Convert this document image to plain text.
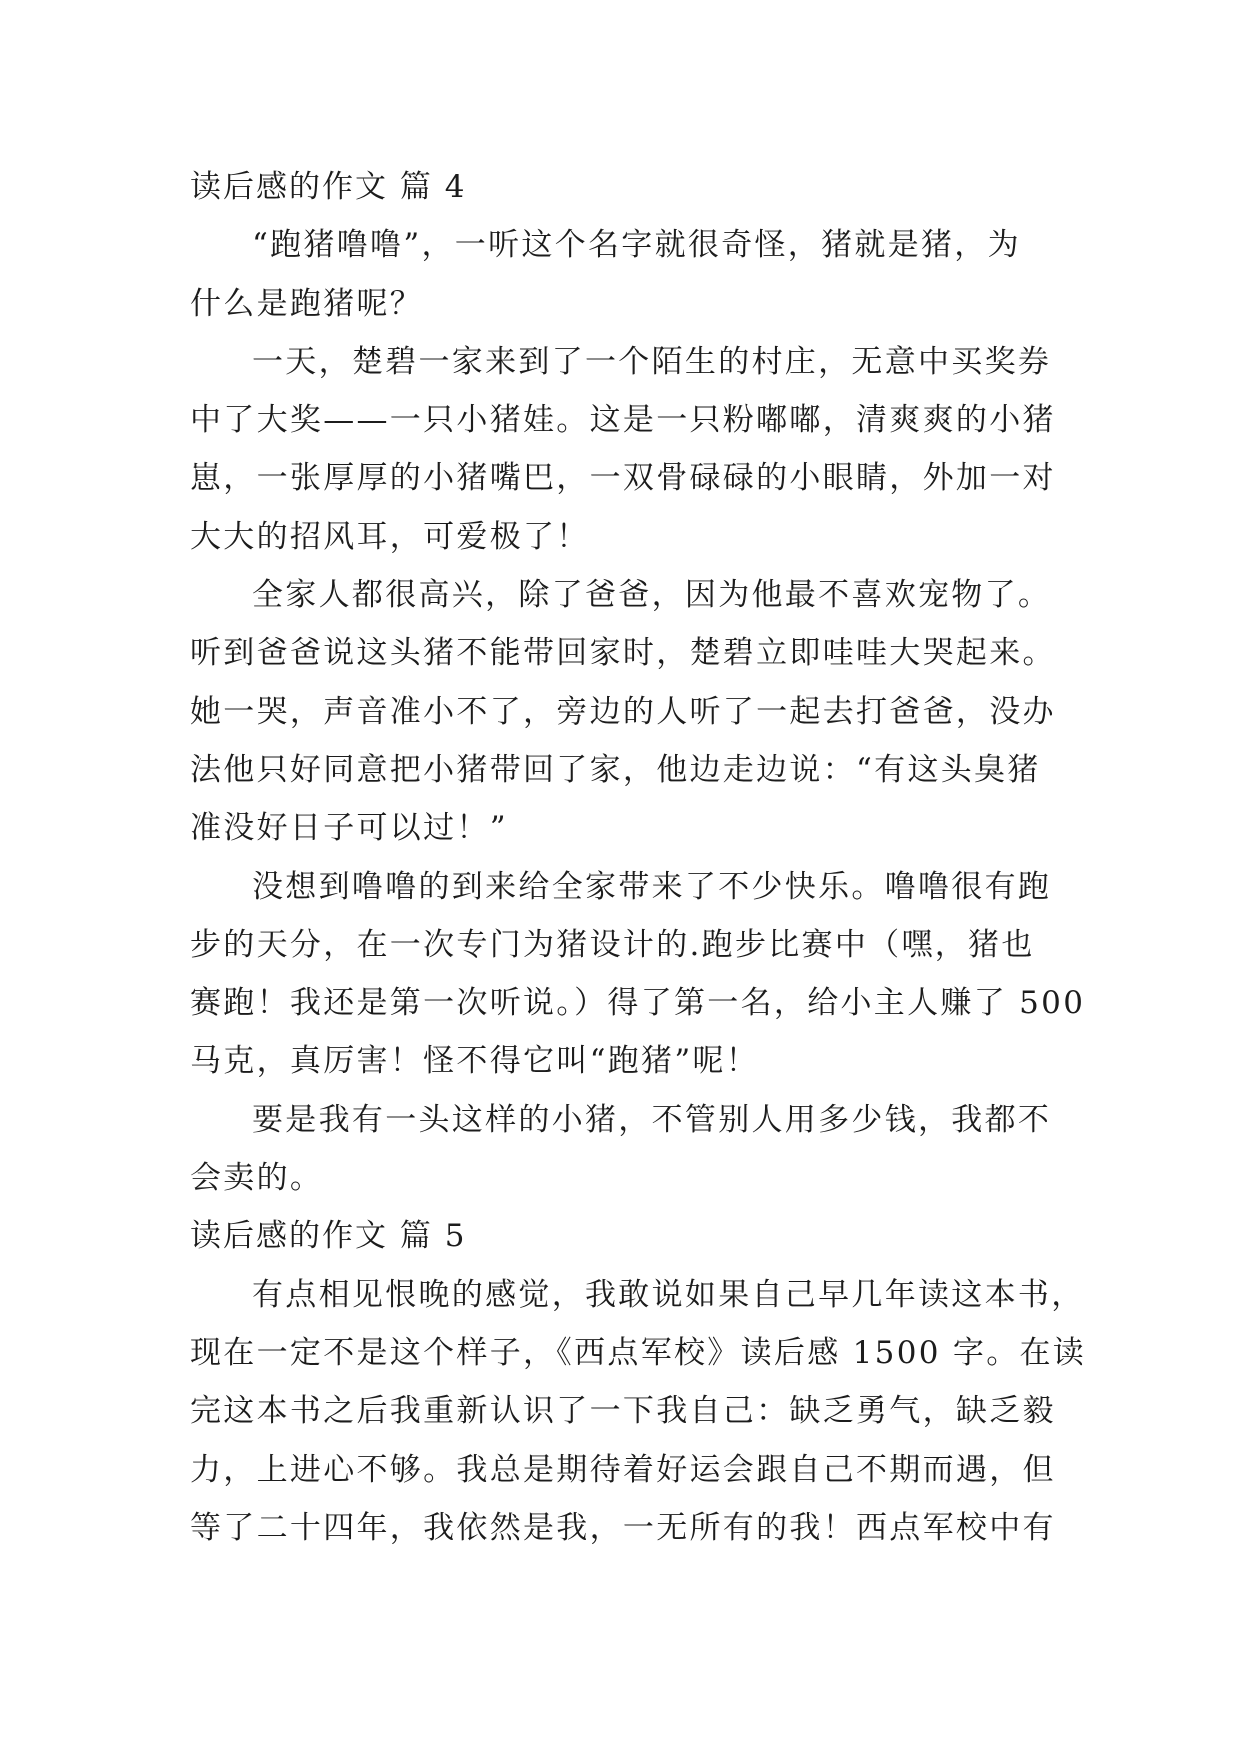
读后感的作文 篇 4
“跑猪噜噜”，一听这个名字就很奇怪，猪就是猪，为
什么是跑猪呢？
一天，楚碧一家来到了一个陌生的村庄，无意中买奖券
中了大奖——一只小猪娃。这是一只粉嘟嘟，清爽爽的小猪
崽，一张厚厚的小猪嘴巴，一双骨碌碌的小眼睛，外加一对
大大的招风耳，可爱极了！
全家人都很高兴，除了爸爸，因为他最不喜欢宠物了。
听到爸爸说这头猪不能带回家时，楚碧立即哇哇大哭起来。
她一哭，声音准小不了，旁边的人听了一起去打爸爸，没办
法他只好同意把小猪带回了家，他边走边说：“有这头臭猪
准没好日子可以过！”
没想到噜噜的到来给全家带来了不少快乐。噜噜很有跑
步的天分，在一次专门为猪设计的.跑步比赛中（嘿，猪也
赛跑！我还是第一次听说。）得了第一名，给小主人赚了 500
马克，真厉害！怪不得它叫“跑猪”呢！
要是我有一头这样的小猪，不管别人用多少钱，我都不
会卖的。
读后感的作文 篇 5
有点相见恨晚的感觉，我敢说如果自己早几年读这本书，
现在一定不是这个样子，《西点军校》读后感 1500 字。在读
完这本书之后我重新认识了一下我自己：缺乏勇气，缺乏毅
力，上进心不够。我总是期待着好运会跟自己不期而遇，但
等了二十四年，我依然是我，一无所有的我！西点军校中有
